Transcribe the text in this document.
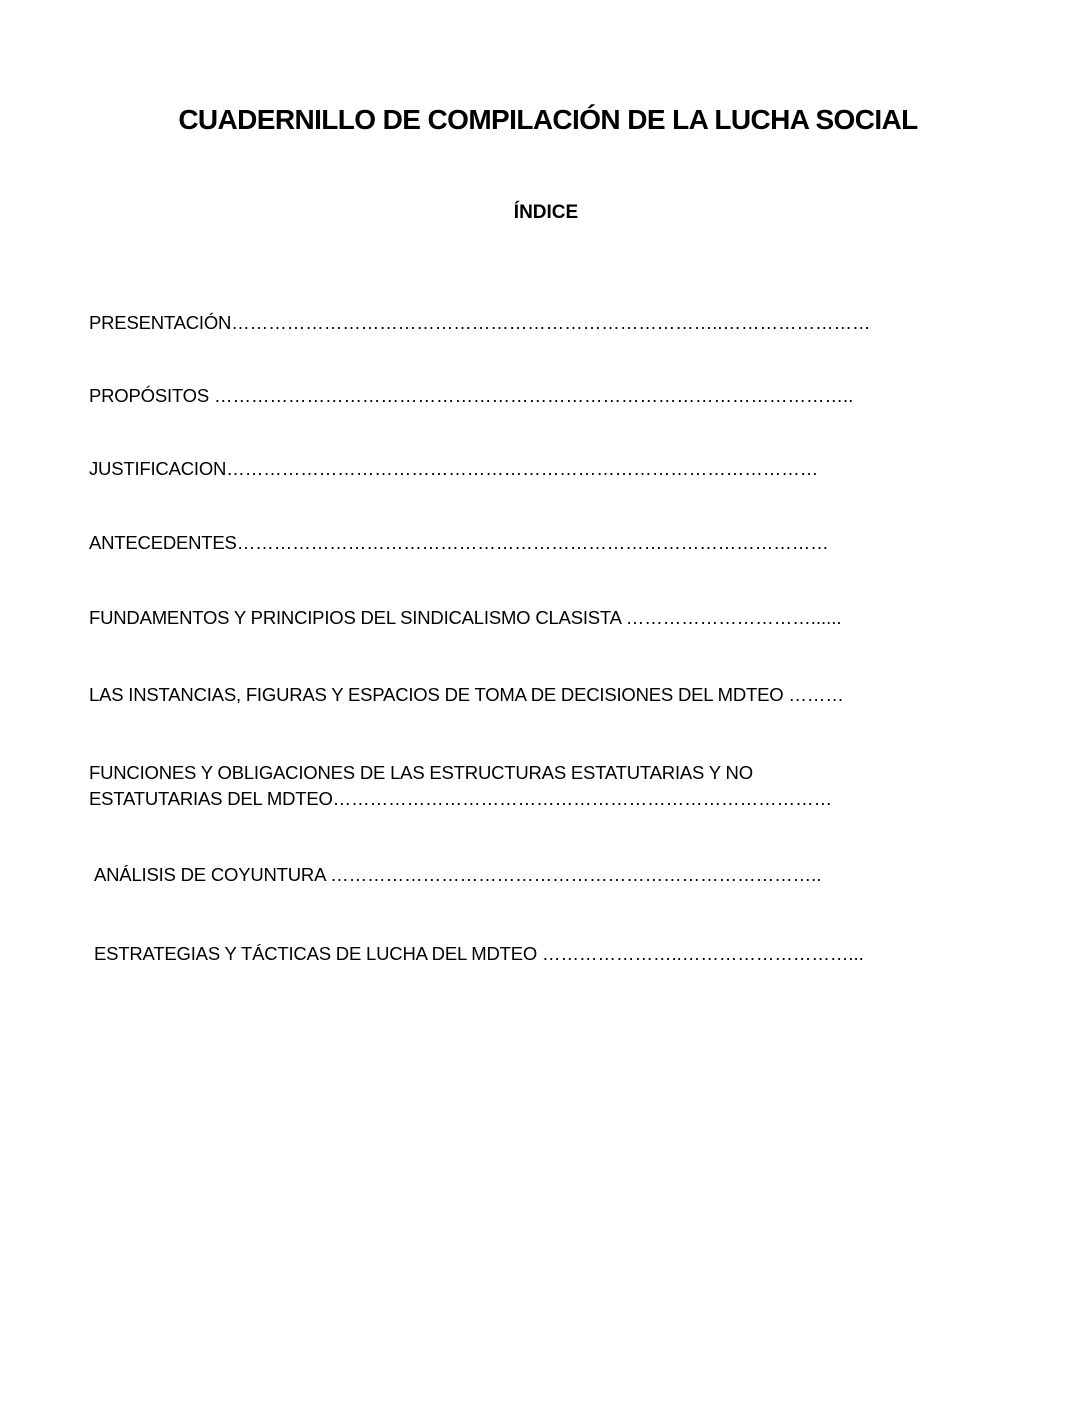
CUADERNILLO DE COMPILACIÓN DE LA LUCHA SOCIAL
ÍNDICE

PRESENTACIÓN……………………………………………………………………..……………………

PROPÓSITOS …………………………………………………………………………………………..

JUSTIFICACION……………………………………………………………………………………

ANTECEDENTES……………………………………………………………………………………

FUNDAMENTOS Y PRINCIPIOS DEL SINDICALISMO CLASISTA …………………………......

LAS INSTANCIAS, FIGURAS Y ESPACIOS DE TOMA DE DECISIONES DEL MDTEO ………

FUNCIONES Y OBLIGACIONES DE LAS ESTRUCTURAS ESTATUTARIAS Y NO

ESTATUTARIAS DEL MDTEO………………………………………………………………………

ANÁLISIS DE COYUNTURA ……………………………………………………………………..

ESTRATEGIAS Y TÁCTICAS DE LUCHA DEL MDTEO …………………..………………………...
